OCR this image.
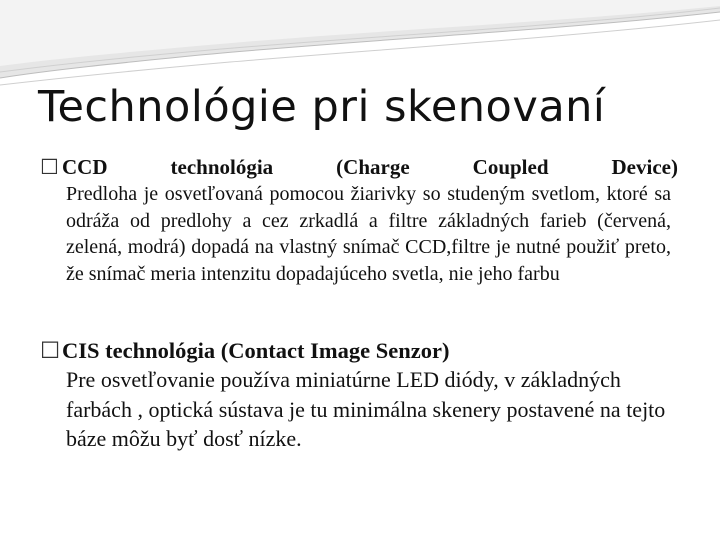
Technológie pri skenovaní
☐ CCD	technológia	(Charge	Coupled	Device)
Predloha je osvetľovaná pomocou žiarivky so studeným svetlom, ktoré sa odráža od predlohy a cez zrkadlá a filtre základných farieb (červená, zelená, modrá) dopadá na vlastný snímač CCD,filtre je nutné použiť preto, že snímač meria intenzitu dopadajúceho svetla, nie jeho farbu
☐ CIS technológia (Contact Image Senzor)
Pre osvetľovanie používa miniatúrne LED diódy, v základných farbách , optická sústava je tu minimálna skenery postavené na tejto báze môžu byť dosť nízke.
